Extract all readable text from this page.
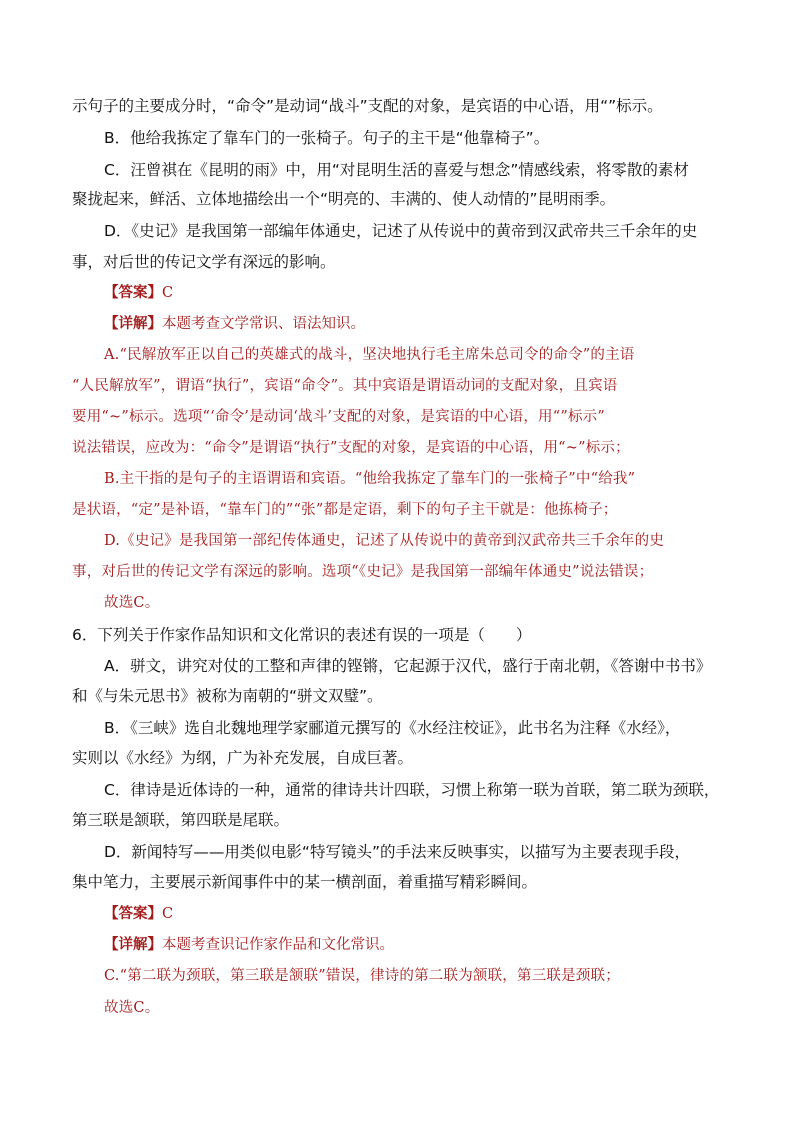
示句子的主要成分时，“命令”是动词“战斗”支配的对象，是宾语的中心语，用“”标示。
B．他给我拣定了靠车门的一张椅子。句子的主干是“他靠椅子”。
C．汪曾祺在《昆明的雨》中，用“对昆明生活的喜爱与想念”情感线索，将零散的素材
聚拢起来，鲜活、立体地描绘出一个“明亮的、丰满的、使人动情的”昆明雨季。
D．《史记》是我国第一部编年体通史，记述了从传说中的黄帝到汉武帝共三千余年的史
事，对后世的传记文学有深远的影响。
【答案】C
【详解】本题考查文学常识、语法知识。
A.“民解放军正以自己的英雄式的战斗，坚决地执行毛主席朱总司令的命令”的主语
“人民解放军”，谓语“执行”，宾语“命令”。其中宾语是谓语动词的支配对象，且宾语
要用“~”标示。选项“‘命令’是动词‘战斗’支配的对象，是宾语的中心语，用“”标示”
说法错误，应改为：“命令”是谓语“执行”支配的对象，是宾语的中心语，用“~”标示；
B.主干指的是句子的主语谓语和宾语。“他给我拣定了靠车门的一张椅子”中“给我”
是状语，“定”是补语，“靠车门的”“张”都是定语，剩下的句子主干就是：他拣椅子；
D.《史记》是我国第一部纪传体通史，记述了从传说中的黄帝到汉武帝共三千余年的史
事，对后世的传记文学有深远的影响。选项“《史记》是我国第一部编年体通史”说法错误；
故选C。
6．下列关于作家作品知识和文化常识的表述有误的一项是（　　）
A．骈文，讲究对仗的工整和声律的铿锵，它起源于汉代，盛行于南北朝，《答谢中书书》
和《与朱元思书》被称为南朝的“骈文双璧”。
B．《三峡》选自北魏地理学家郦道元撰写的《水经注校证》，此书名为注释《水经》，
实则以《水经》为纲，广为补充发展，自成巨著。
C．律诗是近体诗的一种，通常的律诗共计四联，习惯上称第一联为首联，第二联为颈联，
第三联是颔联，第四联是尾联。
D．新闻特写——用类似电影“特写镜头”的手法来反映事实，以描写为主要表现手段，
集中笔力，主要展示新闻事件中的某一横剖面，着重描写精彩瞬间。
【答案】C
【详解】本题考查识记作家作品和文化常识。
C.“第二联为颈联，第三联是颔联”错误，律诗的第二联为颔联，第三联是颈联；
故选C。
